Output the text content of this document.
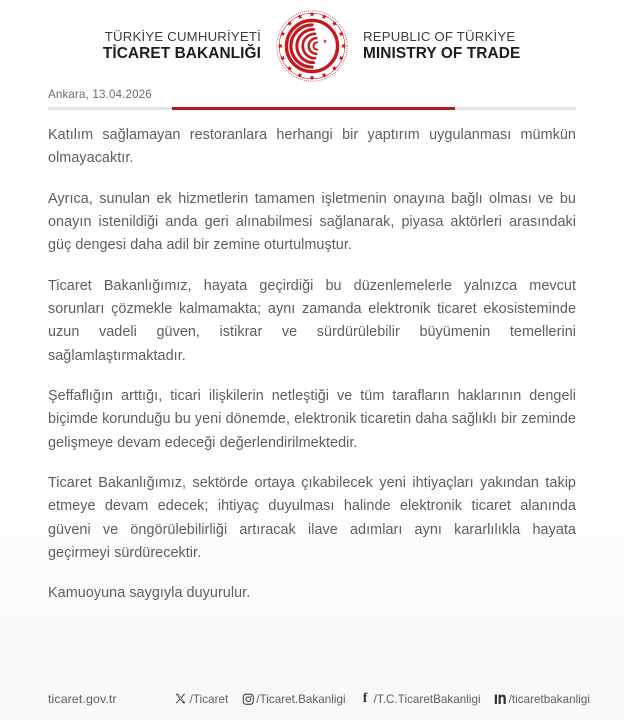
TÜRKİYE CUMHURİYETİ
TİCARET BAKANLIĞI
REPUBLIC OF TÜRKİYE
MINISTRY OF TRADE
Ankara, 13.04.2026

Katılım sağlamayan restoranlara herhangi bir yaptırım uygulanması mümkün olmayacaktır.

Ayrıca, sunulan ek hizmetlerin tamamen işletmenin onayına bağlı olması ve bu onayın istenildiği anda geri alınabilmesi sağlanarak, piyasa aktörleri arasındaki güç dengesi daha adil bir zemine oturtulmuştur.

Ticaret Bakanlığımız, hayata geçirdiği bu düzenlemelerle yalnızca mevcut sorunları çözmekle kalmamakta; aynı zamanda elektronik ticaret ekosisteminde uzun vadeli güven, istikrar ve sürdürülebilir büyümenin temellerini sağlamlaştırmaktadır.

Şeffaflığın arttığı, ticari ilişkilerin netleştiği ve tüm tarafların haklarının dengeli biçimde korunduğu bu yeni dönemde, elektronik ticaretin daha sağlıklı bir zeminde gelişmeye devam edeceği değerlendirilmektedir.

Ticaret Bakanlığımız, sektörde ortaya çıkabilecek yeni ihtiyaçları yakından takip etmeye devam edecek; ihtiyaç duyulması halinde elektronik ticaret alanında güveni ve öngörülebilirliği artıracak ilave adımları aynı kararlılıkla hayata geçirmeyi sürdürecektir.

Kamuoyuna saygıyla duyurulur.

ticaret.gov.tr	/Ticaret /Ticaret.Bakanligi f /T.C.TicaretBakanligi /ticaretbakanligi
